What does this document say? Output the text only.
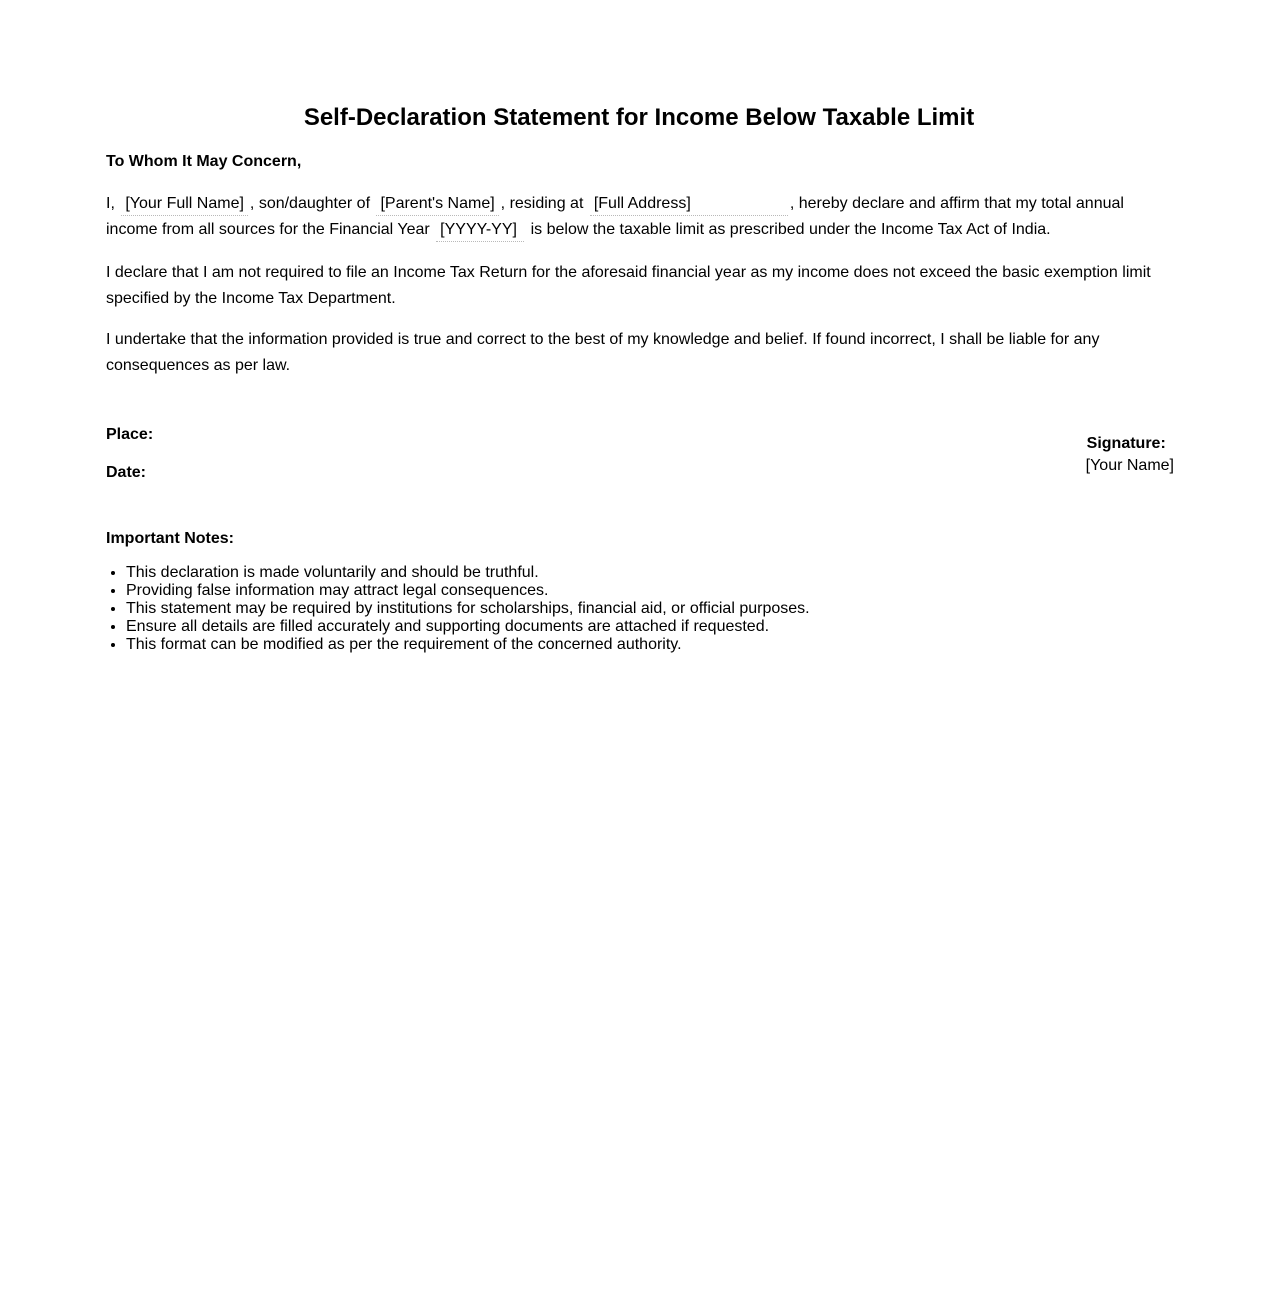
Self-Declaration Statement for Income Below Taxable Limit

To Whom It May Concern,

I, [Your Full Name] , son/daughter of [Parent's Name] , residing at [Full Address]	, hereby declare and affirm that my total annual income from all sources for the Financial Year [YYYY-YY] is below the taxable limit as prescribed under the Income Tax Act of India.

I declare that I am not required to file an Income Tax Return for the aforesaid financial year as my income does not exceed the basic exemption limit specified by the Income Tax Department.

I undertake that the information provided is true and correct to the best of my knowledge and belief. If found incorrect, I shall be liable for any consequences as per law.

Place:
Date:
Signature:
[Your Name]
Important Notes:
• This declaration is made voluntarily and should be truthful.
• Providing false information may attract legal consequences.
• This statement may be required by institutions for scholarships, financial aid, or official purposes.
• Ensure all details are filled accurately and supporting documents are attached if requested.
• This format can be modified as per the requirement of the concerned authority.
